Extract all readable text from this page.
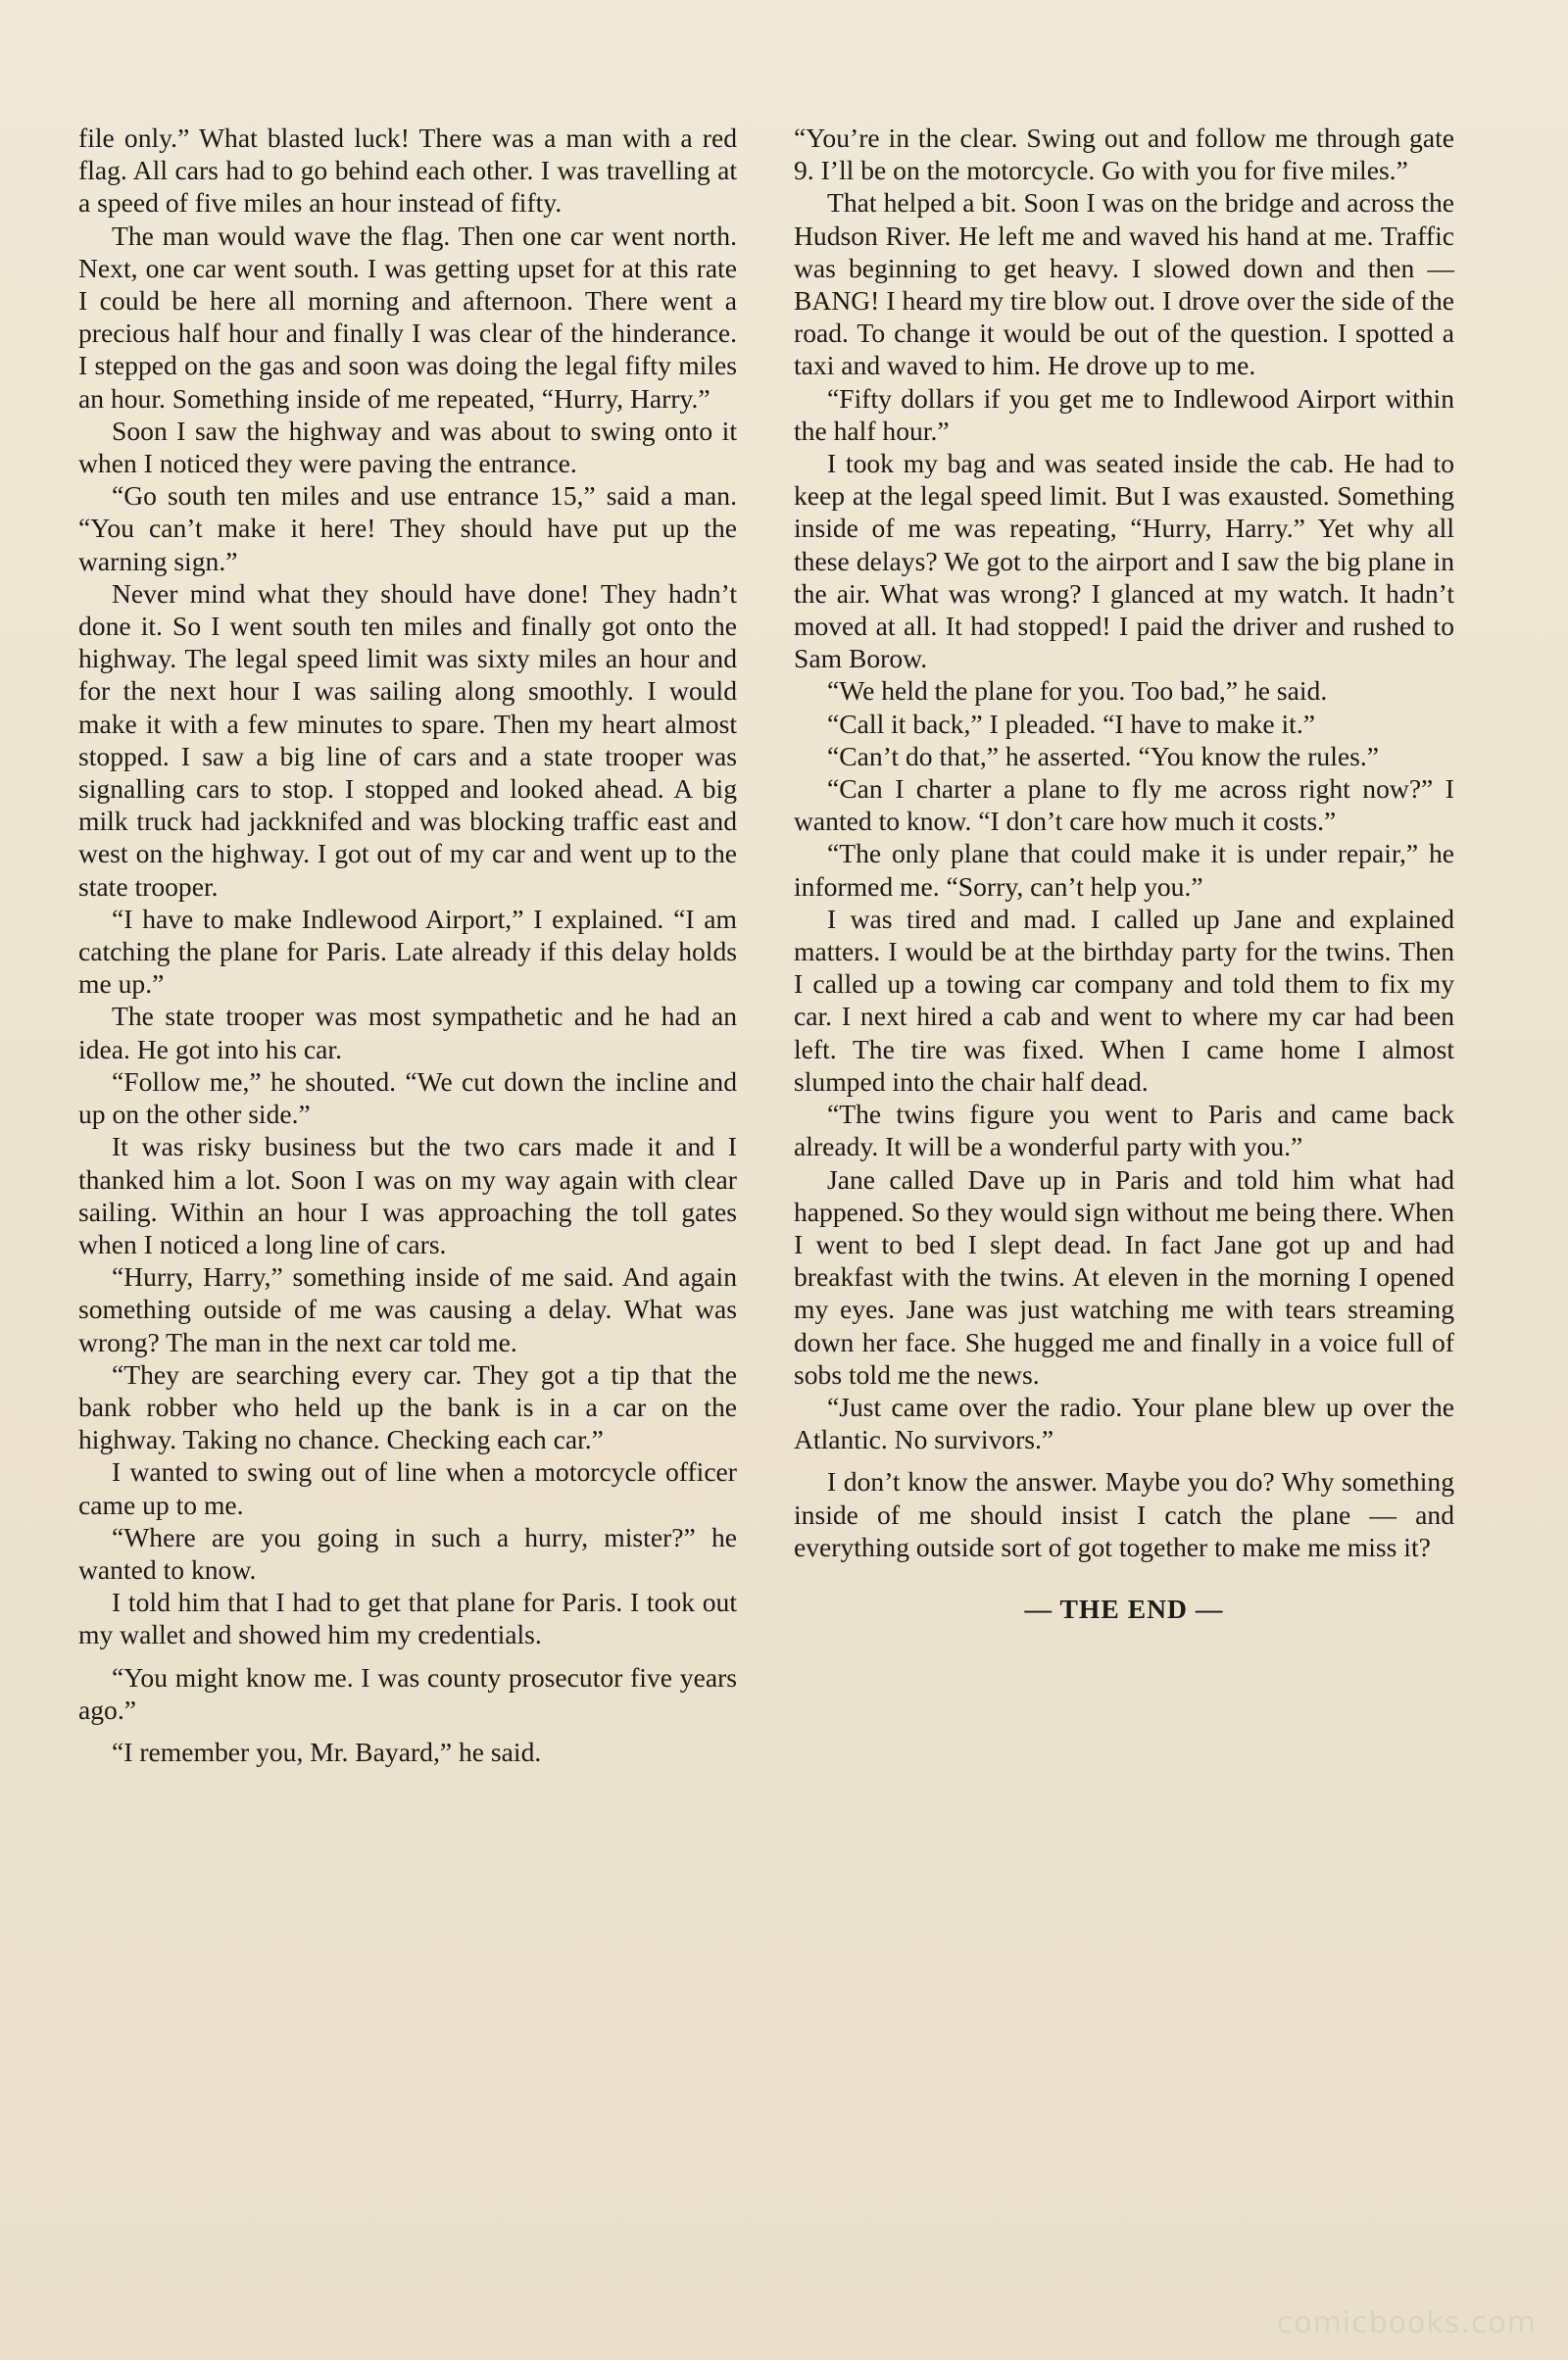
file only.” What blasted luck! There was a man with a red flag. All cars had to go behind each other. I was travelling at a speed of five miles an hour instead of fifty.

The man would wave the flag. Then one car went north. Next, one car went south. I was getting upset for at this rate I could be here all morning and afternoon. There went a precious half hour and finally I was clear of the hinderance. I stepped on the gas and soon was doing the legal fifty miles an hour. Something inside of me repeated, “Hurry, Harry.”

Soon I saw the highway and was about to swing onto it when I noticed they were paving the entrance.

“Go south ten miles and use entrance 15,” said a man. “You can’t make it here! They should have put up the warning sign.”

Never mind what they should have done! They hadn’t done it. So I went south ten miles and finally got onto the highway. The legal speed limit was sixty miles an hour and for the next hour I was sailing along smoothly. I would make it with a few minutes to spare. Then my heart almost stopped. I saw a big line of cars and a state trooper was signalling cars to stop. I stopped and looked ahead. A big milk truck had jackknifed and was blocking traffic east and west on the highway. I got out of my car and went up to the state trooper.

“I have to make Indlewood Airport,” I explained. “I am catching the plane for Paris. Late already if this delay holds me up.”

The state trooper was most sympathetic and he had an idea. He got into his car.

“Follow me,” he shouted. “We cut down the incline and up on the other side.”

It was risky business but the two cars made it and I thanked him a lot. Soon I was on my way again with clear sailing. Within an hour I was approaching the toll gates when I noticed a long line of cars.

“Hurry, Harry,” something inside of me said. And again something outside of me was causing a delay. What was wrong? The man in the next car told me.

“They are searching every car. They got a tip that the bank robber who held up the bank is in a car on the highway. Taking no chance. Checking each car.”

I wanted to swing out of line when a motorcycle officer came up to me.

“Where are you going in such a hurry, mister?” he wanted to know.

I told him that I had to get that plane for Paris. I took out my wallet and showed him my credentials.

“You might know me. I was county prosecutor five years ago.”

“I remember you, Mr. Bayard,” he said.

“You’re in the clear. Swing out and follow me through gate 9. I’ll be on the motorcycle. Go with you for five miles.”

That helped a bit. Soon I was on the bridge and across the Hudson River. He left me and waved his hand at me. Traffic was beginning to get heavy. I slowed down and then — BANG! I heard my tire blow out. I drove over the side of the road. To change it would be out of the question. I spotted a taxi and waved to him. He drove up to me.

“Fifty dollars if you get me to Indlewood Airport within the half hour.”

I took my bag and was seated inside the cab. He had to keep at the legal speed limit. But I was exausted. Something inside of me was repeating, “Hurry, Harry.” Yet why all these delays? We got to the airport and I saw the big plane in the air. What was wrong? I glanced at my watch. It hadn’t moved at all. It had stopped! I paid the driver and rushed to Sam Borow.

“We held the plane for you. Too bad,” he said.

“Call it back,” I pleaded. “I have to make it.”

“Can’t do that,” he asserted. “You know the rules.”

“Can I charter a plane to fly me across right now?” I wanted to know. “I don’t care how much it costs.”

“The only plane that could make it is under repair,” he informed me. “Sorry, can’t help you.”

I was tired and mad. I called up Jane and explained matters. I would be at the birthday party for the twins. Then I called up a towing car company and told them to fix my car. I next hired a cab and went to where my car had been left. The tire was fixed. When I came home I almost slumped into the chair half dead.

“The twins figure you went to Paris and came back already. It will be a wonderful party with you.”

Jane called Dave up in Paris and told him what had happened. So they would sign without me being there. When I went to bed I slept dead. In fact Jane got up and had breakfast with the twins. At eleven in the morning I opened my eyes. Jane was just watching me with tears streaming down her face. She hugged me and finally in a voice full of sobs told me the news.

“Just came over the radio. Your plane blew up over the Atlantic. No survivors.”

I don’t know the answer. Maybe you do? Why something inside of me should insist I catch the plane — and everything outside sort of got together to make me miss it?

— THE END —

comicbooks.com
